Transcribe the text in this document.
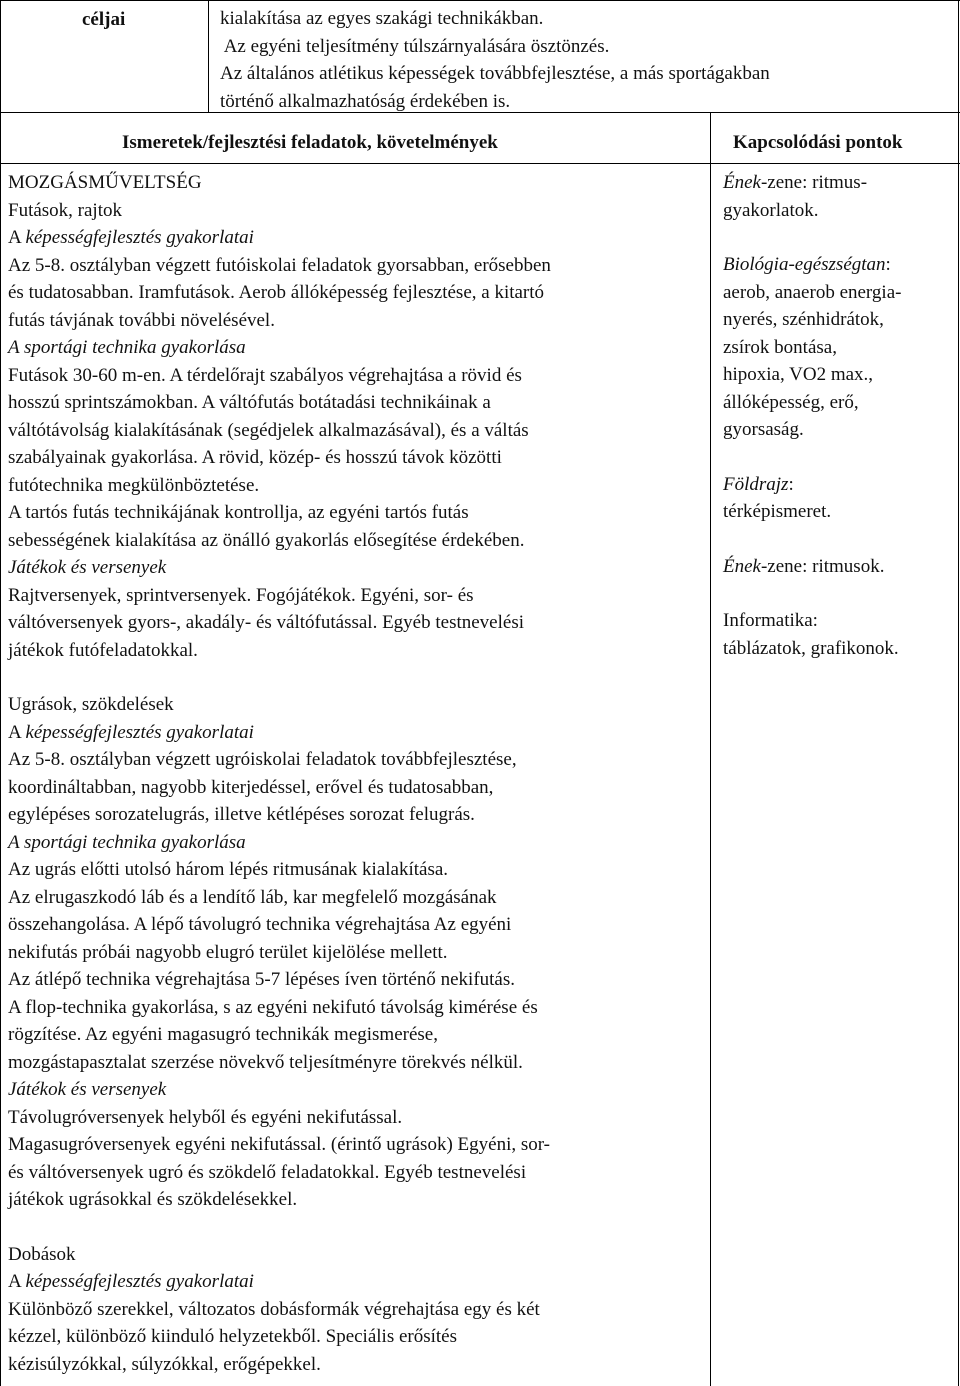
céljai	kialakítása az egyes szakági technikákban.
Az egyéni teljesítmény túlszárnyalására ösztönzés.
Az általános atlétikus képességek továbbfejlesztése, a más sportágakban
történő alkalmazhatóság érdekében is.
Ismeretek/fejlesztési feladatok, követelmények	Kapcsolódási pontok
MOZGÁSMŰVELTSÉG
Futások, rajtok
A képességfejlesztés gyakorlatai
Az 5-8. osztályban végzett futóiskolai feladatok gyorsabban, erősebben
és tudatosabban. Iramfutások. Aerob állóképesség fejlesztése, a kitartó
futás távjának további növelésével.
A sportági technika gyakorlása
Futások 30-60 m-en. A térdelőrajt szabályos végrehajtása a rövid és
hosszú sprintszámokban. A váltófutás botátadási technikáinak a
váltótávolság kialakításának (segédjelek alkalmazásával), és a váltás
szabályainak gyakorlása. A rövid, közép- és hosszú távok közötti
futótechnika megkülönböztetése.
A tartós futás technikájának kontrollja, az egyéni tartós futás
sebességének kialakítása az önálló gyakorlás elősegítése érdekében.
Játékok és versenyek
Rajtversenyek, sprintversenyek. Fogójátékok. Egyéni, sor- és
váltóversenyek gyors-, akadály- és váltófutással. Egyéb testnevelési
játékok futófeladatokkal.
Ugrások, szökdelések
A képességfejlesztés gyakorlatai
Az 5-8. osztályban végzett ugróiskolai feladatok továbbfejlesztése,
koordináltabban, nagyobb kiterjedéssel, erővel és tudatosabban,
egylépéses sorozatelugrás, illetve kétlépéses sorozat felugrás.
A sportági technika gyakorlása
Az ugrás előtti utolsó három lépés ritmusának kialakítása.
Az elrugaszkodó láb és a lendítő láb, kar megfelelő mozgásának
összehangolása. A lépő távolugró technika végrehajtása Az egyéni
nekifutás próbái nagyobb elugró terület kijelölése mellett.
Az átlépő technika végrehajtása 5-7 lépéses íven történő nekifutás.
A flop-technika gyakorlása, s az egyéni nekifutó távolság kimérése és
rögzítése. Az egyéni magasugró technikák megismerése,
mozgástapasztalat szerzése növekvő teljesítményre törekvés nélkül.
Játékok és versenyek
Távolugróversenyek helyből és egyéni nekifutással.
Magasugróversenyek egyéni nekifutással. (érintő ugrások) Egyéni, sor-
és váltóversenyek ugró és szökdelő feladatokkal. Egyéb testnevelési
játékok ugrásokkal és szökdelésekkel.
Dobások
A képességfejlesztés gyakorlatai
Különböző szerekkel, változatos dobásformák végrehajtása egy és két
kézzel, különböző kiinduló helyzetekből. Speciális erősítés
kézisúlyzókkal, súlyzókkal, erőgépekkel.
Ének-zene: ritmus-
gyakorlatok.
Biológia-egészségtan:
aerob, anaerob energia-
nyerés, szénhidrátok,
zsírok bontása,
hipoxia, VO2 max.,
állóképesség, erő,
gyorsaság.
Földrajz:
térképismeret.
Ének-zene: ritmusok.
Informatika:
táblázatok, grafikonok.
